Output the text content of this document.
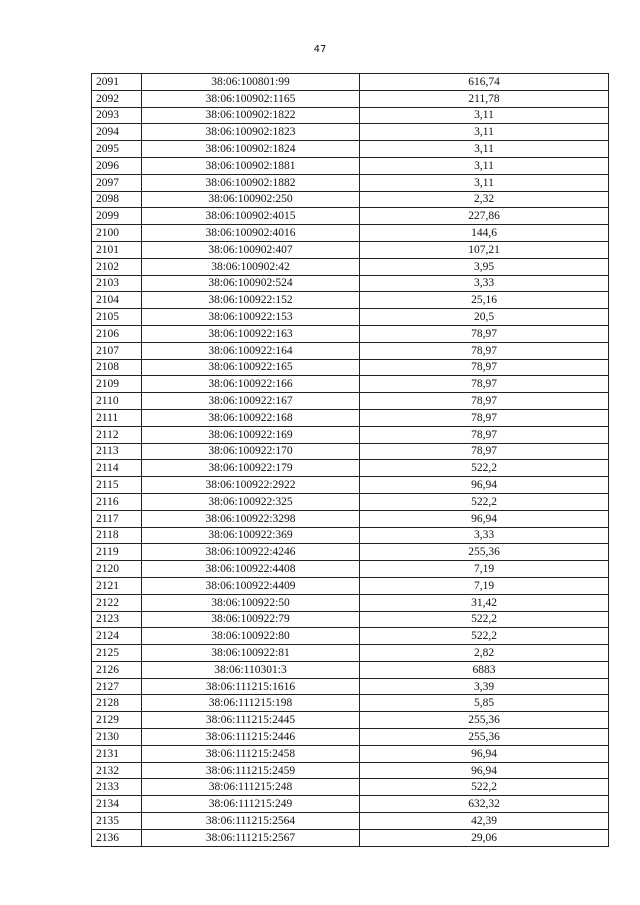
47
2091	38:06:100801:99	616,74
2092	38:06:100902:1165	211,78
2093	38:06:100902:1822	3,11
2094	38:06:100902:1823	3,11
2095	38:06:100902:1824	3,11
2096	38:06:100902:1881	3,11
2097	38:06:100902:1882	3,11
2098	38:06:100902:250	2,32
2099	38:06:100902:4015	227,86
2100	38:06:100902:4016	144,6
2101	38:06:100902:407	107,21
2102	38:06:100902:42	3,95
2103	38:06:100902:524	3,33
2104	38:06:100922:152	25,16
2105	38:06:100922:153	20,5
2106	38:06:100922:163	78,97
2107	38:06:100922:164	78,97
2108	38:06:100922:165	78,97
2109	38:06:100922:166	78,97
2110	38:06:100922:167	78,97
2111	38:06:100922:168	78,97
2112	38:06:100922:169	78,97
2113	38:06:100922:170	78,97
2114	38:06:100922:179	522,2
2115	38:06:100922:2922	96,94
2116	38:06:100922:325	522,2
2117	38:06:100922:3298	96,94
2118	38:06:100922:369	3,33
2119	38:06:100922:4246	255,36
2120	38:06:100922:4408	7,19
2121	38:06:100922:4409	7,19
2122	38:06:100922:50	31,42
2123	38:06:100922:79	522,2
2124	38:06:100922:80	522,2
2125	38:06:100922:81	2,82
2126	38:06:110301:3	6883
2127	38:06:111215:1616	3,39
2128	38:06:111215:198	5,85
2129	38:06:111215:2445	255,36
2130	38:06:111215:2446	255,36
2131	38:06:111215:2458	96,94
2132	38:06:111215:2459	96,94
2133	38:06:111215:248	522,2
2134	38:06:111215:249	632,32
2135	38:06:111215:2564	42,39
2136	38:06:111215:2567	29,06
